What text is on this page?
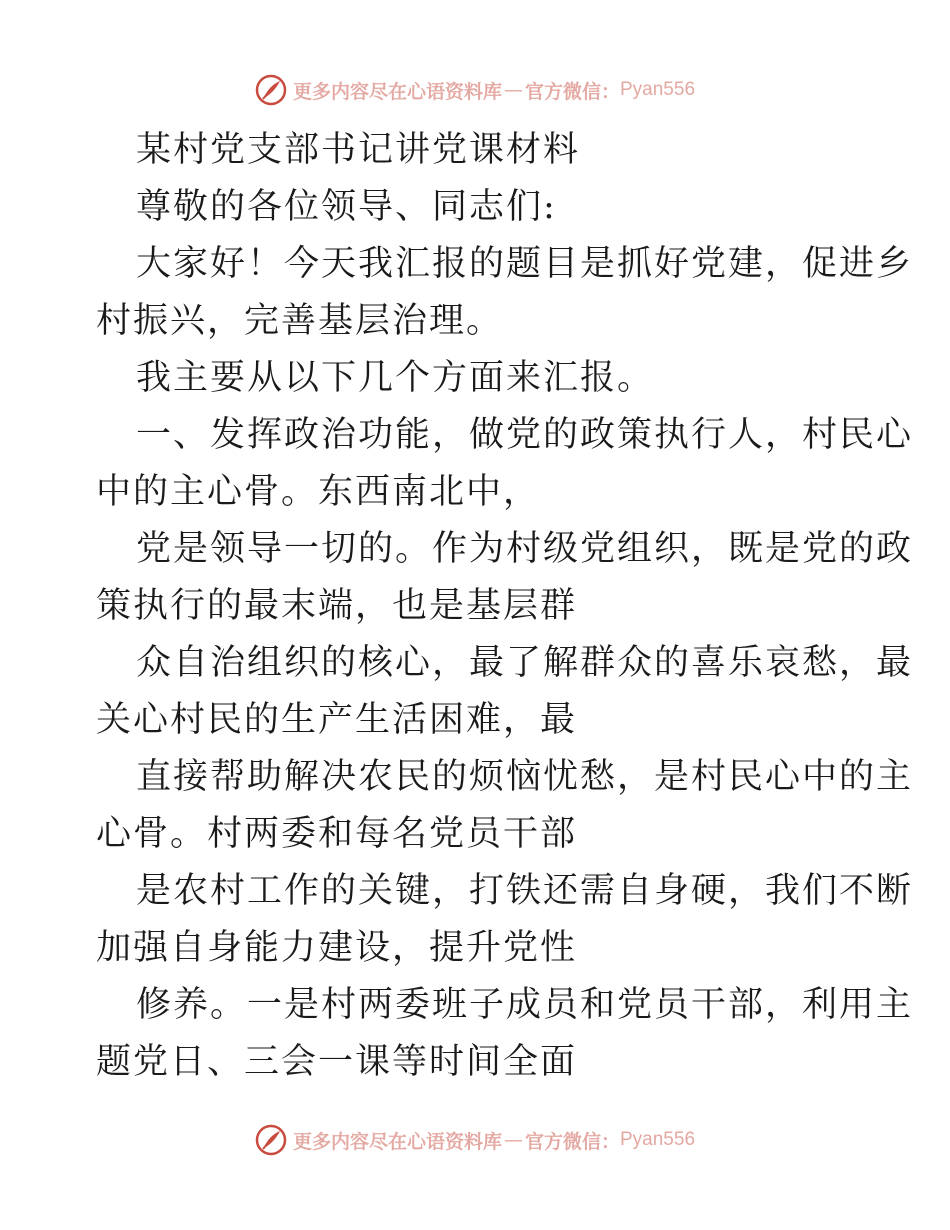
更多内容尽在心语资料库 — 官方微信： Pyan556
某村党支部书记讲党课材料
尊敬的各位领导、同志们:
大家好！今天我汇报的题目是抓好党建，促进乡
村振兴，完善基层治理。
我主要从以下几个方面来汇报。
一、发挥政治功能，做党的政策执行人，村民心
中的主心骨。东西南北中，
党是领导一切的。作为村级党组织，既是党的政
策执行的最末端，也是基层群
众自治组织的核心，最了解群众的喜乐哀愁，最
关心村民的生产生活困难，最
直接帮助解决农民的烦恼忧愁，是村民心中的主
心骨。村两委和每名党员干部
是农村工作的关键，打铁还需自身硬，我们不断
加强自身能力建设，提升党性
修养。一是村两委班子成员和党员干部，利用主
题党日、三会一课等时间全面
更多内容尽在心语资料库 — 官方微信： Pyan556
